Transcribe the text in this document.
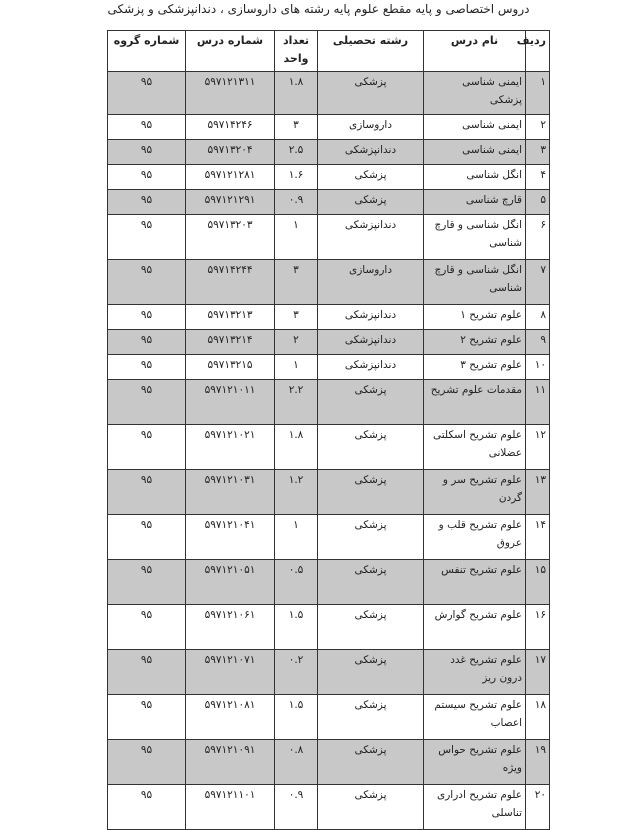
دروس اختصاصی و پایه مقطع علوم پایه رشته های داروسازی ، دندانپزشکی و پزشکی
ردیف	نام درس	رشته تحصیلی	تعداد واحد	شماره درس	شماره گروه
۱	ایمنی شناسی پزشکی	پزشکی	۱.۸	۵۹۷۱۲۱۳۱۱	۹۵
۲	ایمنی شناسی	داروسازی	۳	۵۹۷۱۴۲۴۶	۹۵
۳	ایمنی شناسی	دندانپزشکی	۲.۵	۵۹۷۱۳۲۰۴	۹۵
۴	انگل شناسی	پزشکی	۱.۶	۵۹۷۱۲۱۲۸۱	۹۵
۵	قارچ شناسی	پزشکی	۰.۹	۵۹۷۱۲۱۲۹۱	۹۵
۶	انگل شناسی و قارچ شناسی	دندانپزشکی	۱	۵۹۷۱۳۲۰۳	۹۵
۷	انگل شناسی و قارچ شناسی	داروسازی	۳	۵۹۷۱۴۲۴۴	۹۵
۸	علوم تشریح ۱	دندانپزشکی	۳	۵۹۷۱۳۲۱۳	۹۵
۹	علوم تشریح ۲	دندانپزشکی	۲	۵۹۷۱۳۲۱۴	۹۵
۱۰	علوم تشریح ۳	دندانپزشکی	۱	۵۹۷۱۳۲۱۵	۹۵
۱۱	مقدمات علوم تشریح	پزشکی	۲.۲	۵۹۷۱۲۱۰۱۱	۹۵
۱۲	علوم تشریح اسکلتی عضلانی	پزشکی	۱.۸	۵۹۷۱۲۱۰۲۱	۹۵
۱۳	علوم تشریح سر و گردن	پزشکی	۱.۲	۵۹۷۱۲۱۰۳۱	۹۵
۱۴	علوم تشریح قلب و عروق	پزشکی	۱	۵۹۷۱۲۱۰۴۱	۹۵
۱۵	علوم تشریح تنفس	پزشکی	۰.۵	۵۹۷۱۲۱۰۵۱	۹۵
۱۶	علوم تشریح گوارش	پزشکی	۱.۵	۵۹۷۱۲۱۰۶۱	۹۵
۱۷	علوم تشریح غدد درون ریز	پزشکی	۰.۲	۵۹۷۱۲۱۰۷۱	۹۵
۱۸	علوم تشریح سیستم اعصاب	پزشکی	۱.۵	۵۹۷۱۲۱۰۸۱	۹۵
۱۹	علوم تشریح حواس ویژه	پزشکی	۰.۸	۵۹۷۱۲۱۰۹۱	۹۵
۲۰	علوم تشریح ادراری تناسلی	پزشکی	۰.۹	۵۹۷۱۲۱۱۰۱	۹۵
